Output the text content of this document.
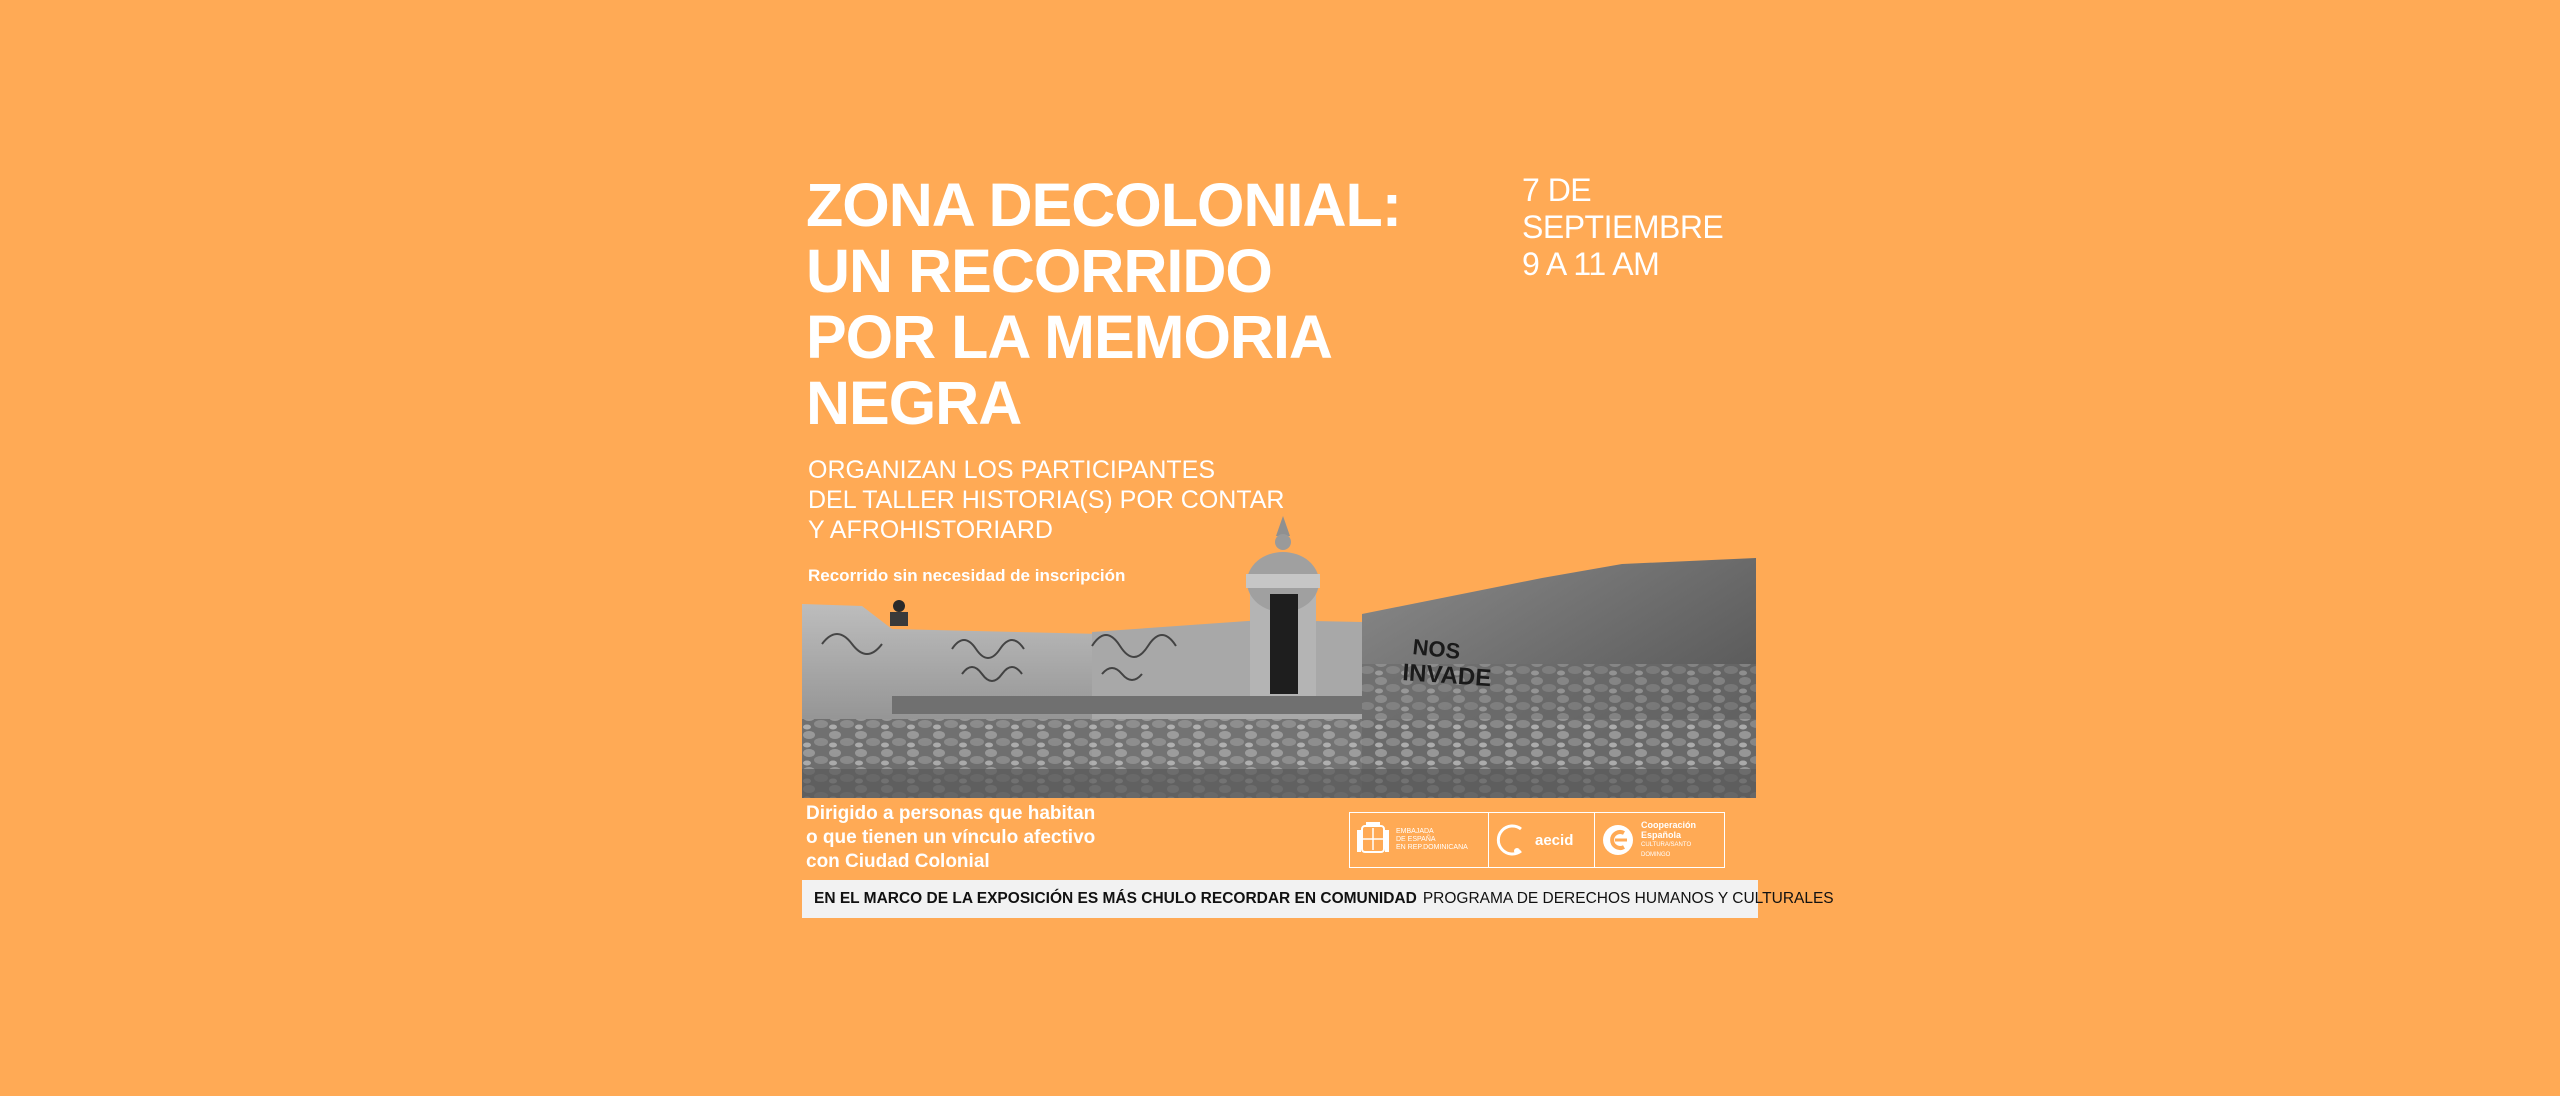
ZONA DECOLONIAL:
UN RECORRIDO
POR LA MEMORIA
NEGRA
7 DE SEPTIEMBRE
9 A 11 AM
ORGANIZAN LOS PARTICIPANTES
DEL TALLER HISTORIA(S) POR CONTAR
Y AFROHISTORIARD
Recorrido sin necesidad de inscripción
NOS
INVADE
Dirigido a personas que habitan
o que tienen un vínculo afectivo
con Ciudad Colonial
EMBAJADA
DE ESPAÑA
EN REP.DOMINICANA	aecid
Cooperación
Española
CULTURA/SANTO DOMINGO
EN EL MARCO DE LA EXPOSICIÓN ES MÁS CHULO RECORDAR EN COMUNIDAD PROGRAMA DE DERECHOS HUMANOS Y CULTURALES
